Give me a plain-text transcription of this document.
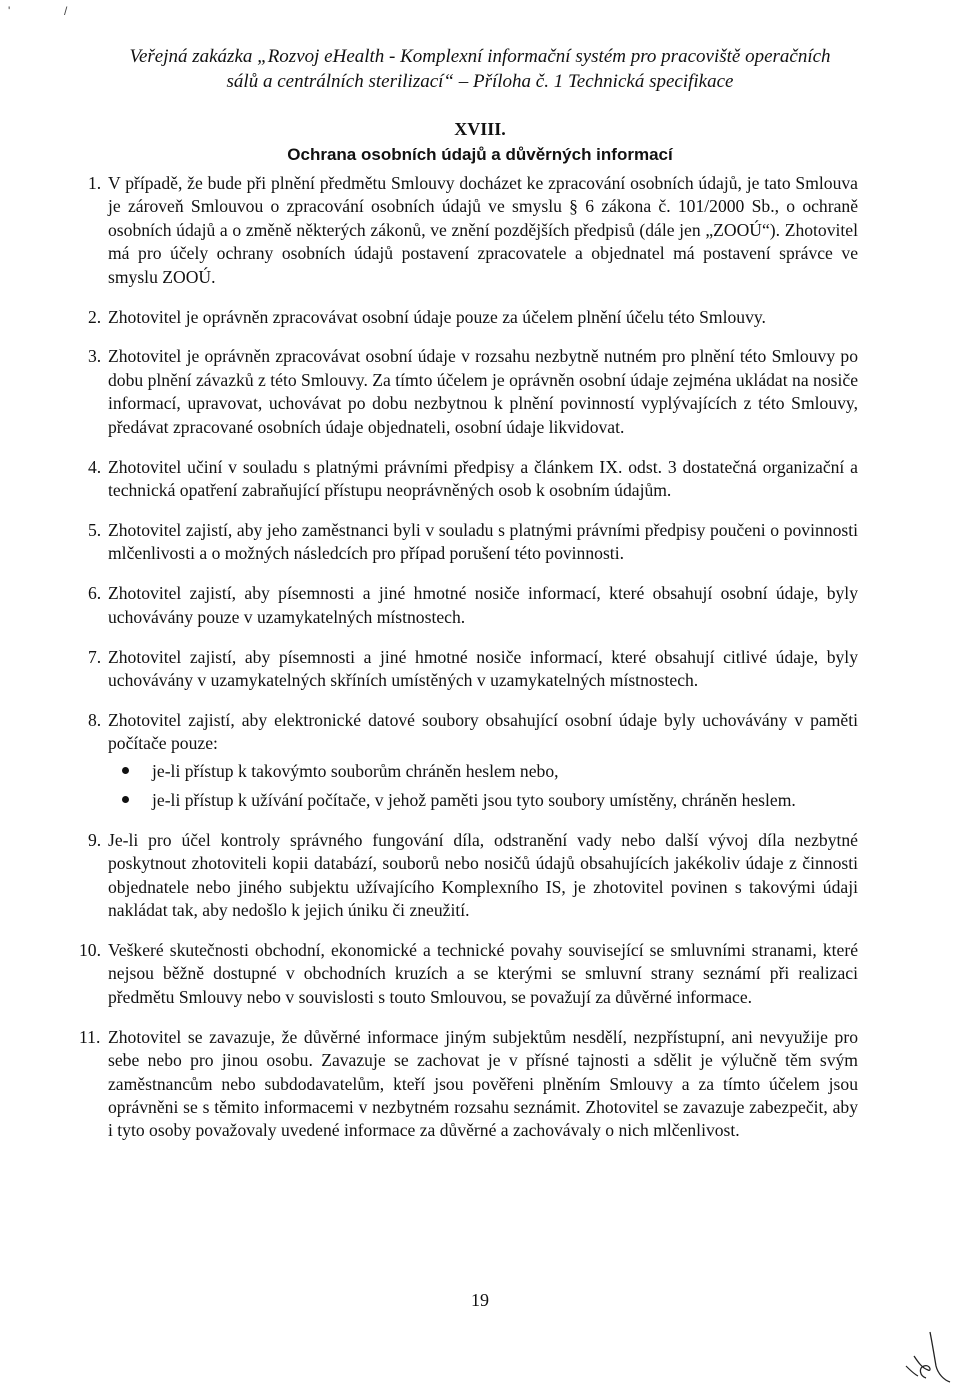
'	/
Veřejná zakázka „Rozvoj eHealth - Komplexní informační systém pro pracoviště operačních
sálů a centrálních sterilizací“ – Příloha č. 1 Technická specifikace
XVIII.
Ochrana osobních údajů a důvěrných informací
1. V případě, že bude při plnění předmětu Smlouvy docházet ke zpracování osobních údajů, je tato Smlouva je zároveň Smlouvou o zpracování osobních údajů ve smyslu § 6 zákona č. 101/2000 Sb., o ochraně osobních údajů a o změně některých zákonů, ve znění pozdějších předpisů (dále jen „ZOOÚ“). Zhotovitel má pro účely ochrany osobních údajů postavení zpracovatele a objednatel má postavení správce ve smyslu ZOOÚ.
2. Zhotovitel je oprávněn zpracovávat osobní údaje pouze za účelem plnění účelu této Smlouvy.
3. Zhotovitel je oprávněn zpracovávat osobní údaje v rozsahu nezbytně nutném pro plnění této Smlouvy po dobu plnění závazků z této Smlouvy. Za tímto účelem je oprávněn osobní údaje zejména ukládat na nosiče informací, upravovat, uchovávat po dobu nezbytnou k plnění povinností vyplývajících z této Smlouvy, předávat zpracované osobních údaje objednateli, osobní údaje likvidovat.
4. Zhotovitel učiní v souladu s platnými právními předpisy a článkem IX. odst. 3 dostatečná organizační a technická opatření zabraňující přístupu neoprávněných osob k osobním údajům.
5. Zhotovitel zajistí, aby jeho zaměstnanci byli v souladu s platnými právními předpisy poučeni o povinnosti mlčenlivosti a o možných následcích pro případ porušení této povinnosti.
6. Zhotovitel zajistí, aby písemnosti a jiné hmotné nosiče informací, které obsahují osobní údaje, byly uchovávány pouze v uzamykatelných místnostech.
7. Zhotovitel zajistí, aby písemnosti a jiné hmotné nosiče informací, které obsahují citlivé údaje, byly uchovávány v uzamykatelných skříních umístěných v uzamykatelných místnostech.
8. Zhotovitel zajistí, aby elektronické datové soubory obsahující osobní údaje byly uchovávány v paměti počítače pouze:
je-li přístup k takovýmto souborům chráněn heslem nebo,
je-li přístup k užívání počítače, v jehož paměti jsou tyto soubory umístěny, chráněn heslem.
9. Je-li pro účel kontroly správného fungování díla, odstranění vady nebo další vývoj díla nezbytné poskytnout zhotoviteli kopii databází, souborů nebo nosičů údajů obsahujících jakékoliv údaje z činnosti objednatele nebo jiného subjektu užívajícího Komplexního IS, je zhotovitel povinen s takovými údaji nakládat tak, aby nedošlo k jejich úniku či zneužití.
10. Veškeré skutečnosti obchodní, ekonomické a technické povahy související se smluvními stranami, které nejsou běžně dostupné v obchodních kruzích a se kterými se smluvní strany seznámí při realizaci předmětu Smlouvy nebo v souvislosti s touto Smlouvou, se považují za důvěrné informace.
11. Zhotovitel se zavazuje, že důvěrné informace jiným subjektům nesdělí, nezpřístupní, ani nevyužije pro sebe nebo pro jinou osobu. Zavazuje se zachovat je v přísné tajnosti a sdělit je výlučně těm svým zaměstnancům nebo subdodavatelům, kteří jsou pověřeni plněním Smlouvy a za tímto účelem jsou oprávněni se s těmito informacemi v nezbytném rozsahu seznámit. Zhotovitel se zavazuje zabezpečit, aby i tyto osoby považovaly uvedené informace za důvěrné a zachovávaly o nich mlčenlivost.
19
